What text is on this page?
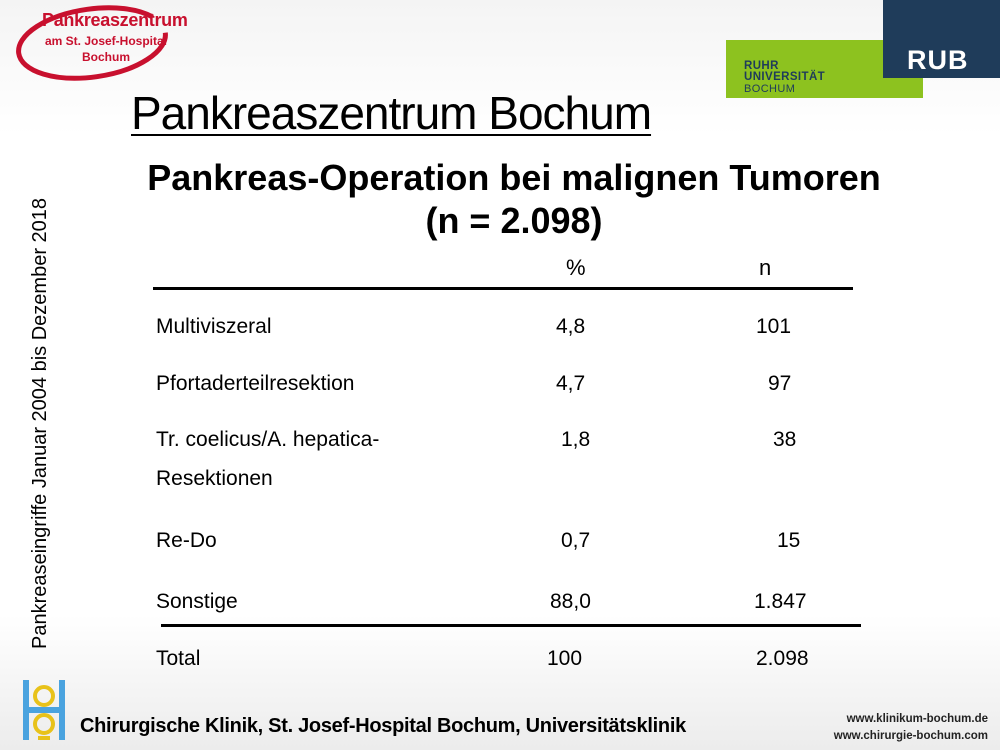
Pankreaszentrum
am St. Josef-Hospital
Bochum
RUHR
UNIVERSITÄT
BOCHUM
RUB
Pankreaszentrum Bochum
Pankreas-Operation bei malignen Tumoren
(n = 2.098)
Pankreaseingriffe Januar 2004 bis Dezember 2018	%	n
Multiviszeral	4,8	101
Pfortaderteilresektion	4,7	97
Tr. coelicus/A. hepatica-
Resektionen
1,8	38
Re-Do	0,7	15
Sonstige	88,0	1.847
Total	100	2.098
Chirurgische Klinik, St. Josef-Hospital Bochum, Universitätsklinik	www.klinikum-bochum.de
www.chirurgie-bochum.com
